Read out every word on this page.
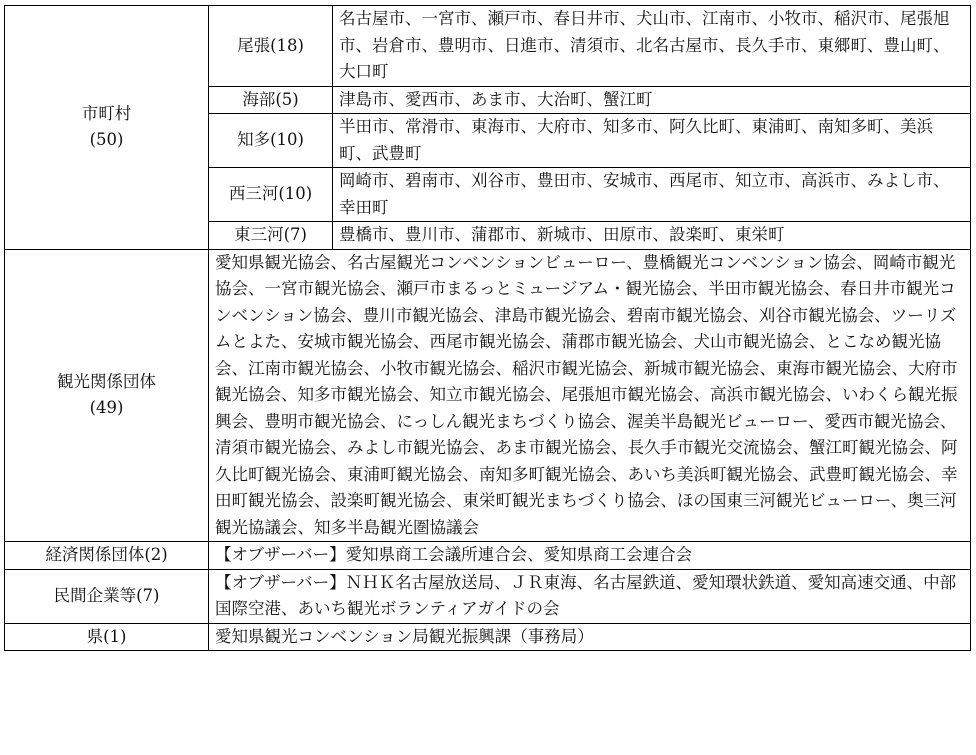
市町村
(50)	尾張(18)	名古屋市、一宮市、瀬戸市、春日井市、犬山市、江南市、小牧市、稲沢市、尾張旭市、岩倉市、豊明市、日進市、清須市、北名古屋市、長久手市、東郷町、豊山町、大口町
	海部(5)	津島市、愛西市、あま市、大治町、蟹江町
	知多(10)	半田市、常滑市、東海市、大府市、知多市、阿久比町、東浦町、南知多町、美浜町、武豊町
	西三河(10)	岡崎市、碧南市、刈谷市、豊田市、安城市、西尾市、知立市、高浜市、みよし市、幸田町
	東三河(7)	豊橋市、豊川市、蒲郡市、新城市、田原市、設楽町、東栄町
観光関係団体
(49)	愛知県観光協会、名古屋観光コンベンションビューロー、豊橋観光コンベンション協会、岡崎市観光協会、一宮市観光協会、瀬戸市まるっとミュージアム・観光協会、半田市観光協会、春日井市観光コンベンション協会、豊川市観光協会、津島市観光協会、碧南市観光協会、刈谷市観光協会、ツーリズムとよた、安城市観光協会、西尾市観光協会、蒲郡市観光協会、犬山市観光協会、とこなめ観光協会、江南市観光協会、小牧市観光協会、稲沢市観光協会、新城市観光協会、東海市観光協会、大府市観光協会、知多市観光協会、知立市観光協会、尾張旭市観光協会、高浜市観光協会、いわくら観光振興会、豊明市観光協会、にっしん観光まちづくり協会、渥美半島観光ビューロー、愛西市観光協会、清須市観光協会、みよし市観光協会、あま市観光協会、長久手市観光交流協会、蟹江町観光協会、阿久比町観光協会、東浦町観光協会、南知多町観光協会、あいち美浜町観光協会、武豊町観光協会、幸田町観光協会、設楽町観光協会、東栄町観光まちづくり協会、ほの国東三河観光ビューロー、奥三河観光協議会、知多半島観光圏協議会	
経済関係団体(2)	【オブザーバー】愛知県商工会議所連合会、愛知県商工会連合会	
民間企業等(7)	【オブザーバー】ＮＨＫ名古屋放送局、ＪＲ東海、名古屋鉄道、愛知環状鉄道、愛知高速交通、中部国際空港、あいち観光ボランティアガイドの会	
県(1)	愛知県観光コンベンション局観光振興課（事務局）	
